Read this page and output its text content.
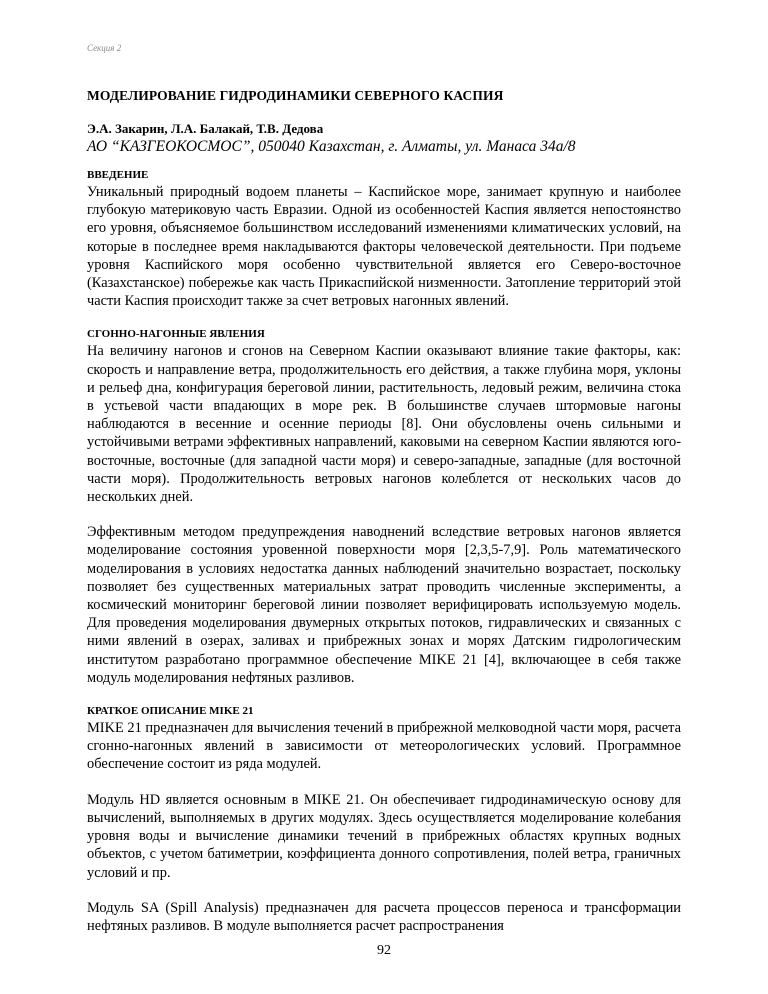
Секция 2
МОДЕЛИРОВАНИЕ ГИДРОДИНАМИКИ СЕВЕРНОГО КАСПИЯ
Э.А. Закарин, Л.А. Балакай, Т.В. Дедова
АО “КАЗГЕОКОСМОС”, 050040 Казахстан, г. Алматы, ул. Манаса 34а/8
ВВЕДЕНИЕ

Уникальный природный водоем планеты – Каспийское море, занимает крупную и наиболее глубокую материковую часть Евразии. Одной из особенностей Каспия является непостоянство его уровня, объясняемое большинством исследований изменениями климатических условий, на которые в последнее время накладываются факторы человеческой деятельности. При подъеме уровня Каспийского моря особенно чувствительной является его Северо-восточное (Казахстанское) побережье как часть Прикаспийской низменности. Затопление территорий этой части Каспия происходит также за счет ветровых нагонных явлений.

СГОННО-НАГОННЫЕ ЯВЛЕНИЯ

На величину нагонов и сгонов на Северном Каспии оказывают влияние такие факторы, как: скорость и направление ветра, продолжительность его действия, а также глубина моря, уклоны и рельеф дна, конфигурация береговой линии, растительность, ледовый режим, величина стока в устьевой части впадающих в море рек. В большинстве случаев штормовые нагоны наблюдаются в весенние и осенние периоды [8]. Они обусловлены очень сильными и устойчивыми ветрами эффективных направлений, каковыми на северном Каспии являются юго-восточные, восточные (для западной части моря) и северо-западные, западные (для восточной части моря). Продолжительность ветровых нагонов колеблется от нескольких часов до нескольких дней.

Эффективным методом предупреждения наводнений вследствие ветровых нагонов является моделирование состояния уровенной поверхности моря [2,3,5-7,9]. Роль математического моделирования в условиях недостатка данных наблюдений значительно возрастает, поскольку позволяет без существенных материальных затрат проводить численные эксперименты, а космический мониторинг береговой линии позволяет верифицировать используемую модель. Для проведения моделирования двумерных открытых потоков, гидравлических и связанных с ними явлений в озерах, заливах и прибрежных зонах и морях Датским гидрологическим институтом разработано программное обеспечение MIKE 21 [4], включающее в себя также модуль моделирования нефтяных разливов.

КРАТКОЕ ОПИСАНИЕ MIKE 21

MIKE 21 предназначен для вычисления течений в прибрежной мелководной части моря, расчета сгонно-нагонных явлений в зависимости от метеорологических условий. Программное обеспечение состоит из ряда модулей.

Модуль HD является основным в MIKE 21. Он обеспечивает гидродинамическую основу для вычислений, выполняемых в других модулях. Здесь осуществляется моделирование колебания уровня воды и вычисление динамики течений в прибрежных областях крупных водных объектов, с учетом батиметрии, коэффициента донного сопротивления, полей ветра, граничных условий и пр.

Модуль SA (Spill Analysis) предназначен для расчета процессов переноса и трансформации нефтяных разливов. В модуле выполняется расчет распространения

92
